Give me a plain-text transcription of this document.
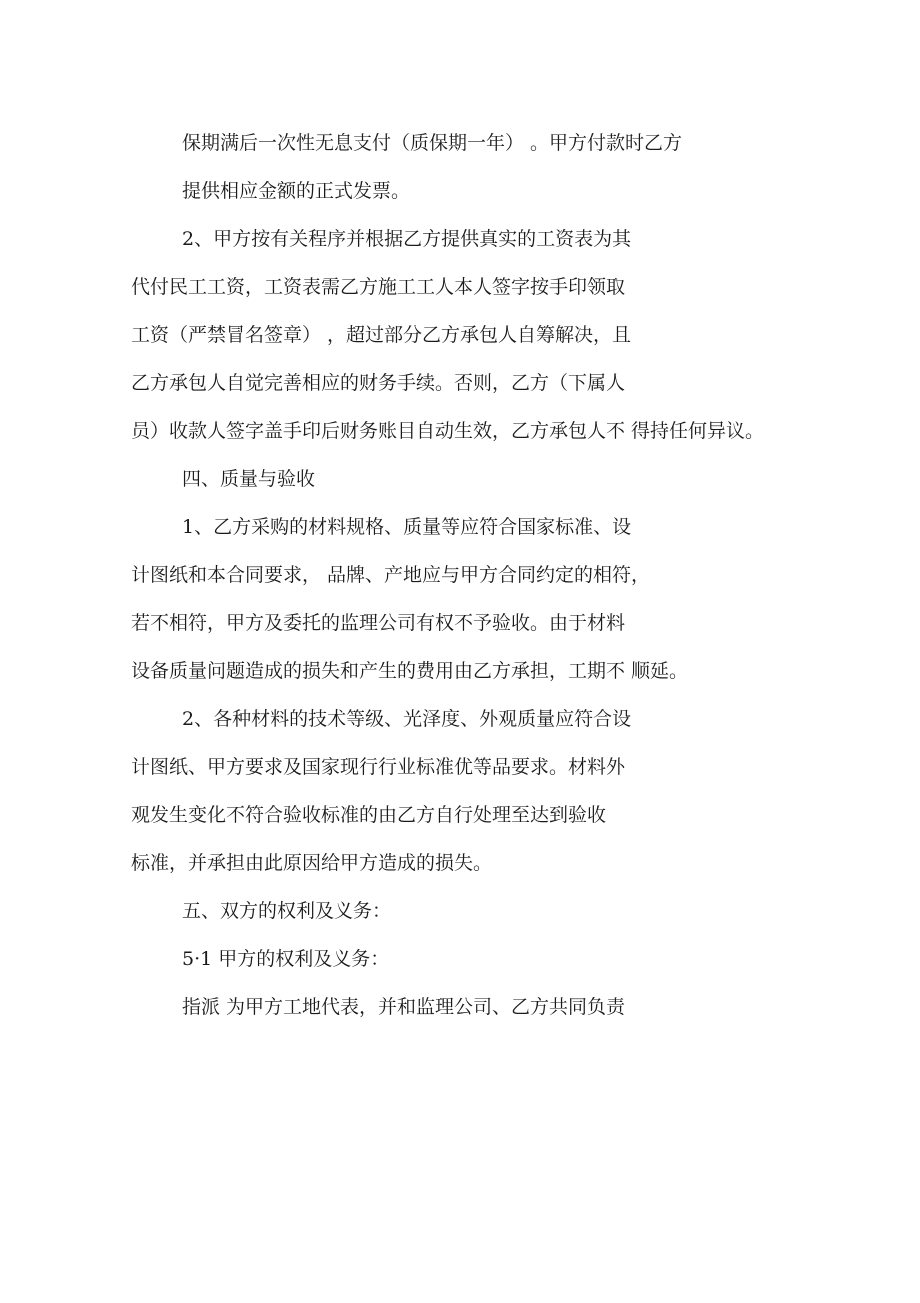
保期满后一次性无息支付（质保期一年） 。甲方付款时乙方
提供相应金额的正式发票。
2、甲方按有关程序并根据乙方提供真实的工资表为其
代付民工工资，工资表需乙方施工工人本人签字按手印领取
工资（严禁冒名签章） ，超过部分乙方承包人自筹解决，且
乙方承包人自觉完善相应的财务手续。否则，乙方（下属人
员）收款人签字盖手印后财务账目自动生效，乙方承包人不 得持任何异议。
四、质量与验收
1、乙方采购的材料规格、质量等应符合国家标准、设
计图纸和本合同要求， 品牌、产地应与甲方合同约定的相符，
若不相符，甲方及委托的监理公司有权不予验收。由于材料
设备质量问题造成的损失和产生的费用由乙方承担，工期不 顺延。
2、各种材料的技术等级、光泽度、外观质量应符合设
计图纸、甲方要求及国家现行行业标准优等品要求。材料外
观发生变化不符合验收标准的由乙方自行处理至达到验收
标准，并承担由此原因给甲方造成的损失。
五、双方的权利及义务：
5·1 甲方的权利及义务：
指派 为甲方工地代表，并和监理公司、乙方共同负责
